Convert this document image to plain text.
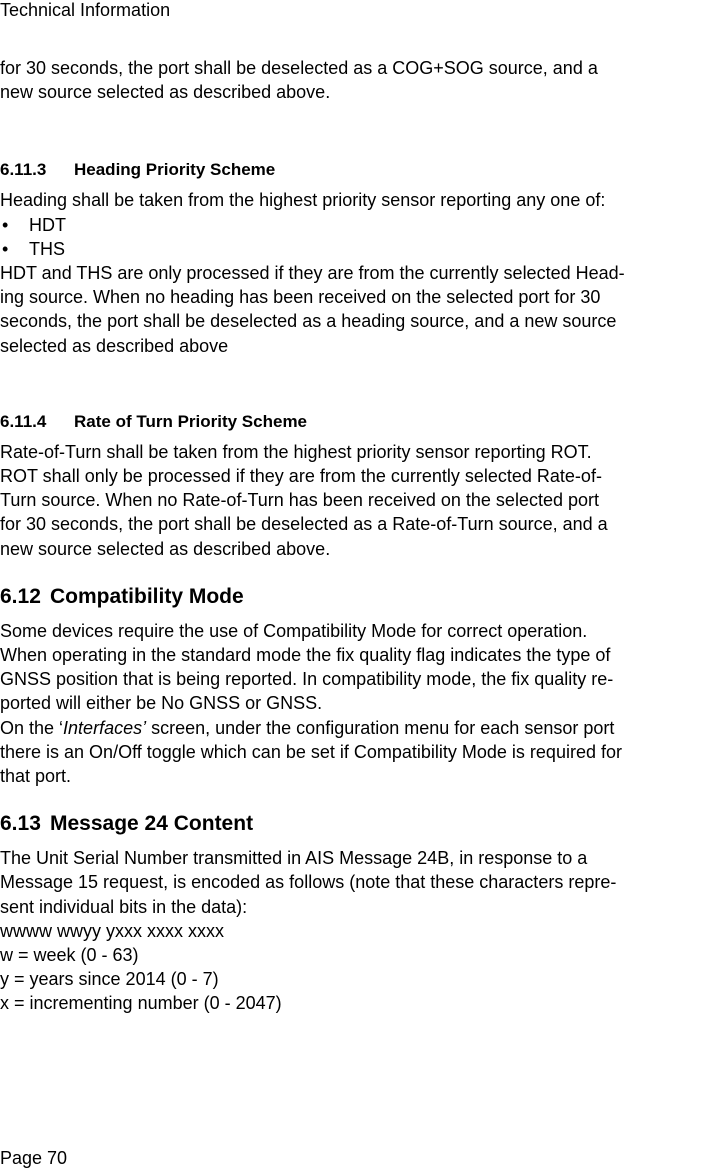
Technical Information

for 30 seconds, the port shall be deselected as a COG+SOG source, and a
new source selected as described above.

6.11.3 Heading Priority Scheme

Heading shall be taken from the highest priority sensor reporting any one of:

• HDT
• THS

HDT and THS are only processed if they are from the currently selected Head-
ing source. When no heading has been received on the selected port for 30
seconds, the port shall be deselected as a heading source, and a new source
selected as described above

6.11.4 Rate of Turn Priority Scheme

Rate-of-Turn shall be taken from the highest priority sensor reporting ROT.
ROT shall only be processed if they are from the currently selected Rate-of-
Turn source. When no Rate-of-Turn has been received on the selected port
for 30 seconds, the port shall be deselected as a Rate-of-Turn source, and a
new source selected as described above.

6.12 Compatibility Mode

Some devices require the use of Compatibility Mode for correct operation.
When operating in the standard mode the fix quality flag indicates the type of
GNSS position that is being reported. In compatibility mode, the fix quality re-
ported will either be No GNSS or GNSS.
On the ‘Interfaces’ screen, under the configuration menu for each sensor port
there is an On/Off toggle which can be set if Compatibility Mode is required for
that port.

6.13 Message 24 Content

The Unit Serial Number transmitted in AIS Message 24B, in response to a
Message 15 request, is encoded as follows (note that these characters repre-
sent individual bits in the data):
wwww wwyy yxxx xxxx xxxx
w = week (0 - 63)
y = years since 2014 (0 - 7)
x = incrementing number (0 - 2047)

Page 70
